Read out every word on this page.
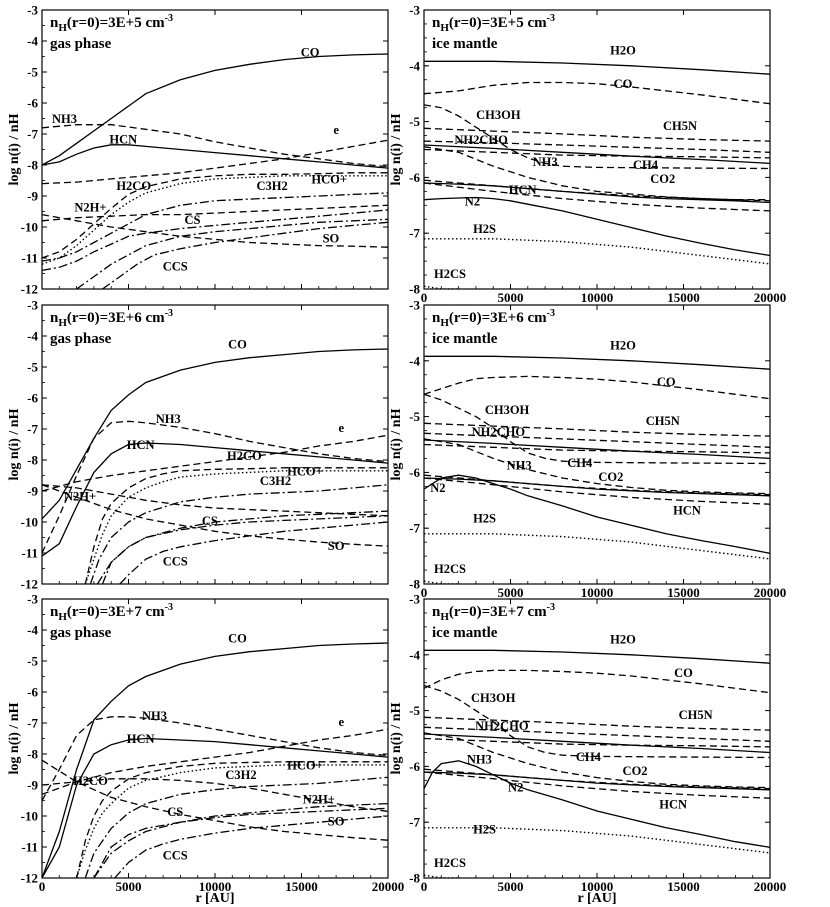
-3
-4
-5
-6
-7
-8
-9
-10
-11
-12
log n(i) / nH
CO
NH3
e
HCN
H2CO	HCO+
N2H+
C3H2
CS
SO
CCS
$n_H(r=0)=3E+5$ $cm^{-3}$
gas phase
-3
-4
-5
-6
-7
-8
0	5000	10000	15000	20000
log n(i) / nH
H2O
CO
CH3OH
CH5N
NH2CHO
NH3	CH4
CO2
HCN
N2
H2S
H2CS
$n_H(r=0)=3E+5$ $cm^{-3}$
ice mantle
-3
-4
-5
-6
-7
-8
-9
-10
-11
-12
log n(i) / nH
CO
NH3
e
HCN
H2CO
HCO+
N2H+
C3H2
CS
SO
CCS
$n_H(r=0)=3E+6$ $cm^{-3}$
gas phase
-3
-4
-5
-6
-7
-8
0	5000	10000	15000	20000
log n(i) / nH
H2O
CO
CH3OH
CH5N
NH2CHO
NH3	CH4
CO2
HCN
N2
H2S
H2CS
$n_H(r=0)=3E+6$ $cm^{-3}$
ice mantle
-3
-4
-5
-6
-7
-8
-9
-10
-11
-12
0	5000	10000	15000	20000
log n(i) / nH
r [AU]
CO
NH3	e
HCN
H2CO
HCO+
N2H+
C3H2
CS
SO
CCS
$n_H(r=0)=3E+7$ $cm^{-3}$
gas phase
-3
-4
-5
-6
-7
-8
0	5000	10000	15000	20000
log n(i) / nH
r [AU]
H2O
CO
CH3OH
CH5N
NH2CHO
NH3	CH4
CO2
HCN
N2
H2S
H2CS
$n_H(r=0)=3E+7$ $cm^{-3}$
ice mantle
